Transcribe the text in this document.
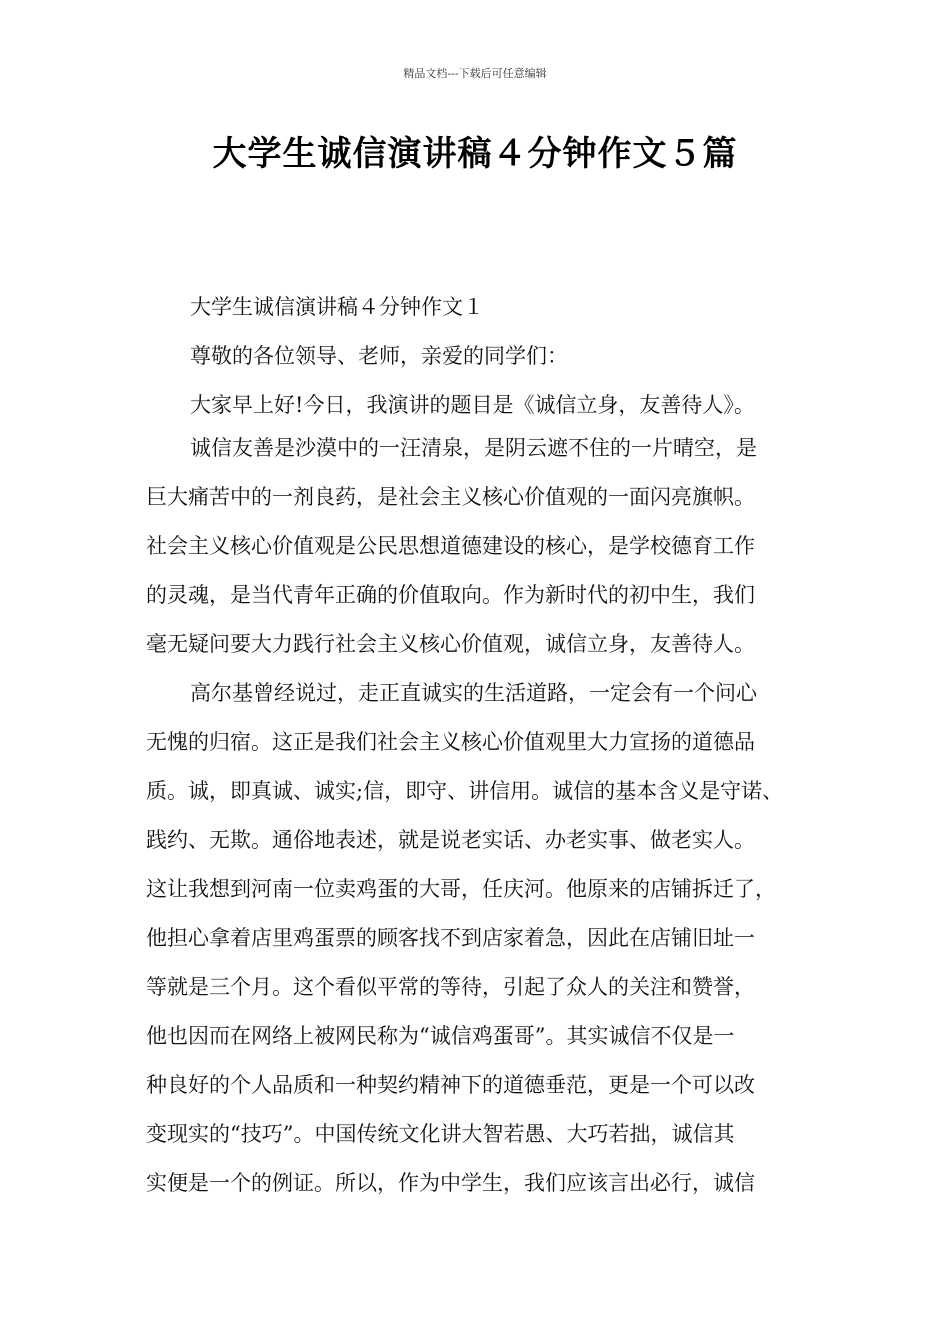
精品文档---下载后可任意编辑
大学生诚信演讲稿４分钟作文５篇
大学生诚信演讲稿４分钟作文１
尊敬的各位领导、老师，亲爱的同学们：
大家早上好!今日，我演讲的题目是《诚信立身，友善待人》。
诚信友善是沙漠中的一汪清泉，是阴云遮不住的一片晴空，是
巨大痛苦中的一剂良药，是社会主义核心价值观的一面闪亮旗帜。
社会主义核心价值观是公民思想道德建设的核心，是学校德育工作
的灵魂，是当代青年正确的价值取向。作为新时代的初中生，我们
毫无疑问要大力践行社会主义核心价值观，诚信立身，友善待人。
高尔基曾经说过，走正直诚实的生活道路，一定会有一个问心
无愧的归宿。这正是我们社会主义核心价值观里大力宣扬的道德品
质。诚，即真诚、诚实;信，即守、讲信用。诚信的基本含义是守诺、
践约、无欺。通俗地表述，就是说老实话、办老实事、做老实人。
这让我想到河南一位卖鸡蛋的大哥，任庆河。他原来的店铺拆迁了，
他担心拿着店里鸡蛋票的顾客找不到店家着急，因此在店铺旧址一
等就是三个月。这个看似平常的等待，引起了众人的关注和赞誉，
他也因而在网络上被网民称为“诚信鸡蛋哥”。其实诚信不仅是一
种良好的个人品质和一种契约精神下的道德垂范，更是一个可以改
变现实的“技巧”。中国传统文化讲大智若愚、大巧若拙，诚信其
实便是一个的例证。所以，作为中学生，我们应该言出必行，诚信
